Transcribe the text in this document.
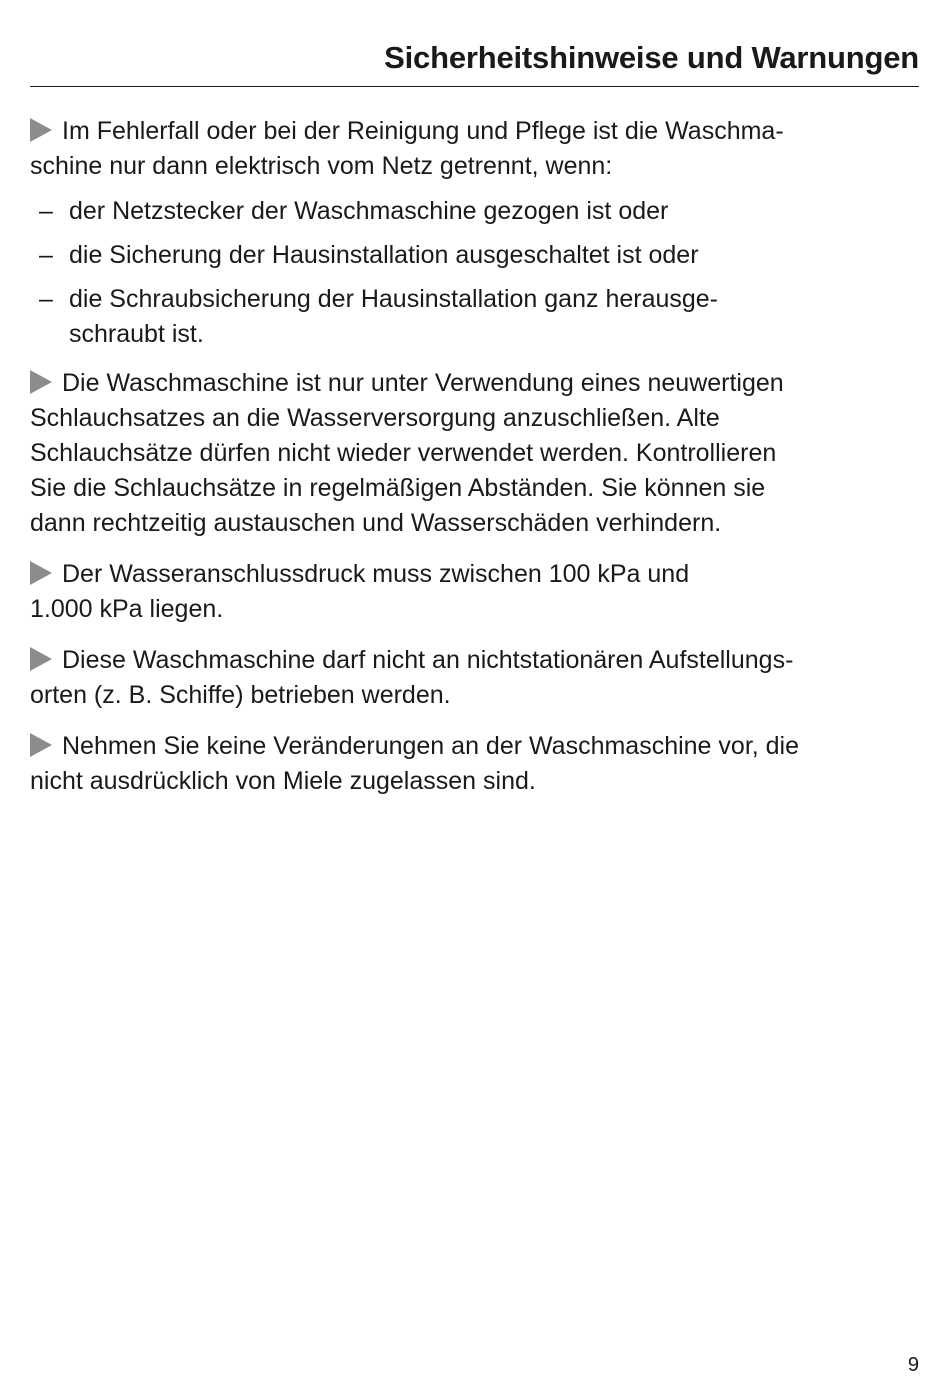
Sicherheitshinweise und Warnungen
Im Fehlerfall oder bei der Reinigung und Pflege ist die Waschma-
schine nur dann elektrisch vom Netz getrennt, wenn:
– der Netzstecker der Waschmaschine gezogen ist oder
– die Sicherung der Hausinstallation ausgeschaltet ist oder
– die Schraubsicherung der Hausinstallation ganz herausge-
schraubt ist.
Die Waschmaschine ist nur unter Verwendung eines neuwertigen
Schlauchsatzes an die Wasserversorgung anzuschließen. Alte
Schlauchsätze dürfen nicht wieder verwendet werden. Kontrollieren
Sie die Schlauchsätze in regelmäßigen Abständen. Sie können sie
dann rechtzeitig austauschen und Wasserschäden verhindern.
Der Wasseranschlussdruck muss zwischen 100 kPa und
1.000 kPa liegen.
Diese Waschmaschine darf nicht an nichtstationären Aufstellungs-
orten (z. B. Schiffe) betrieben werden.
Nehmen Sie keine Veränderungen an der Waschmaschine vor, die
nicht ausdrücklich von Miele zugelassen sind.
9
